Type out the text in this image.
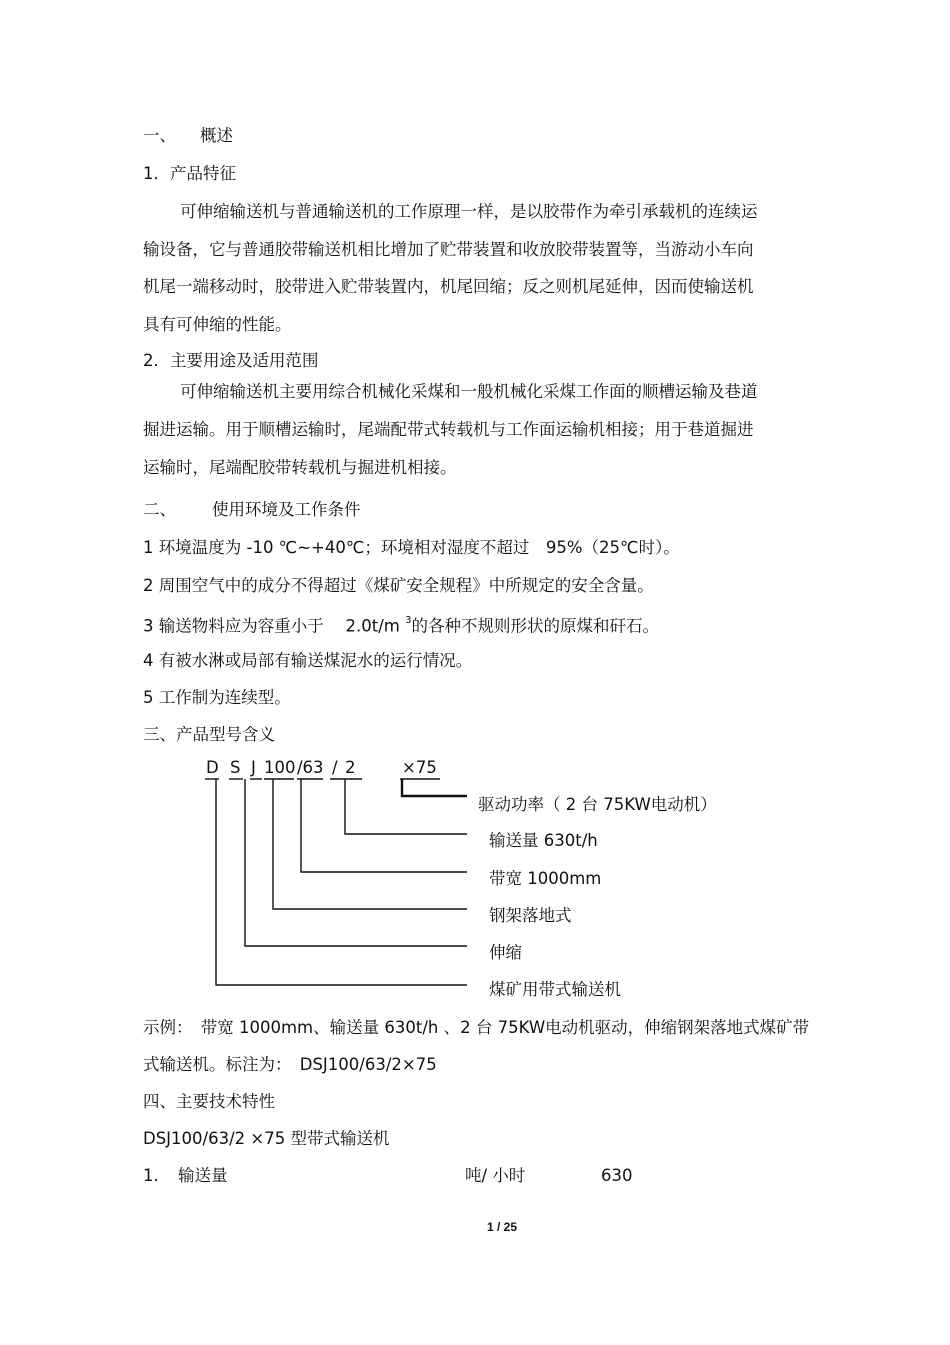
一、 概述
1．产品特征
可伸缩输送机与普通输送机的工作原理一样，是以胶带作为牵引承载机的连续运
输设备，它与普通胶带输送机相比增加了贮带装置和收放胶带装置等，当游动小车向
机尾一端移动时，胶带进入贮带装置内，机尾回缩；反之则机尾延伸，因而使输送机
具有可伸缩的性能。
2．主要用途及适用范围
可伸缩输送机主要用综合机械化采煤和一般机械化采煤工作面的顺槽运输及巷道
掘进运输。用于顺槽运输时，尾端配带式转载机与工作面运输机相接；用于巷道掘进
运输时，尾端配胶带转载机与掘进机相接。
二、 使用环境及工作条件
1 环境温度为 -10 ℃~+40℃；环境相对湿度不超过　95%（25℃时）。
2 周围空气中的成分不得超过《煤矿安全规程》中所规定的安全含量。
3 输送物料应为容重小于　 2.0t/m $^3$的各种不规则形状的原煤和矸石。
4 有被水淋或局部有输送煤泥水的运行情况。
5 工作制为连续型。
三、产品型号含义
D S J 100 /63 / 2	×75
驱动功率（ 2 台 75KW电动机）
输送量 630t/h
带宽 1000mm
钢架落地式
伸缩
煤矿用带式输送机
示例：　带宽 1000mm、输送量 630t/h 、2 台 75KW电动机驱动，伸缩钢架落地式煤矿带
式输送机。标注为：　DSJ100/63/2×75
四、主要技术特性
DSJ100/63/2 ×75 型带式输送机
1. 输送量	吨/ 小时	630
1 / 25
